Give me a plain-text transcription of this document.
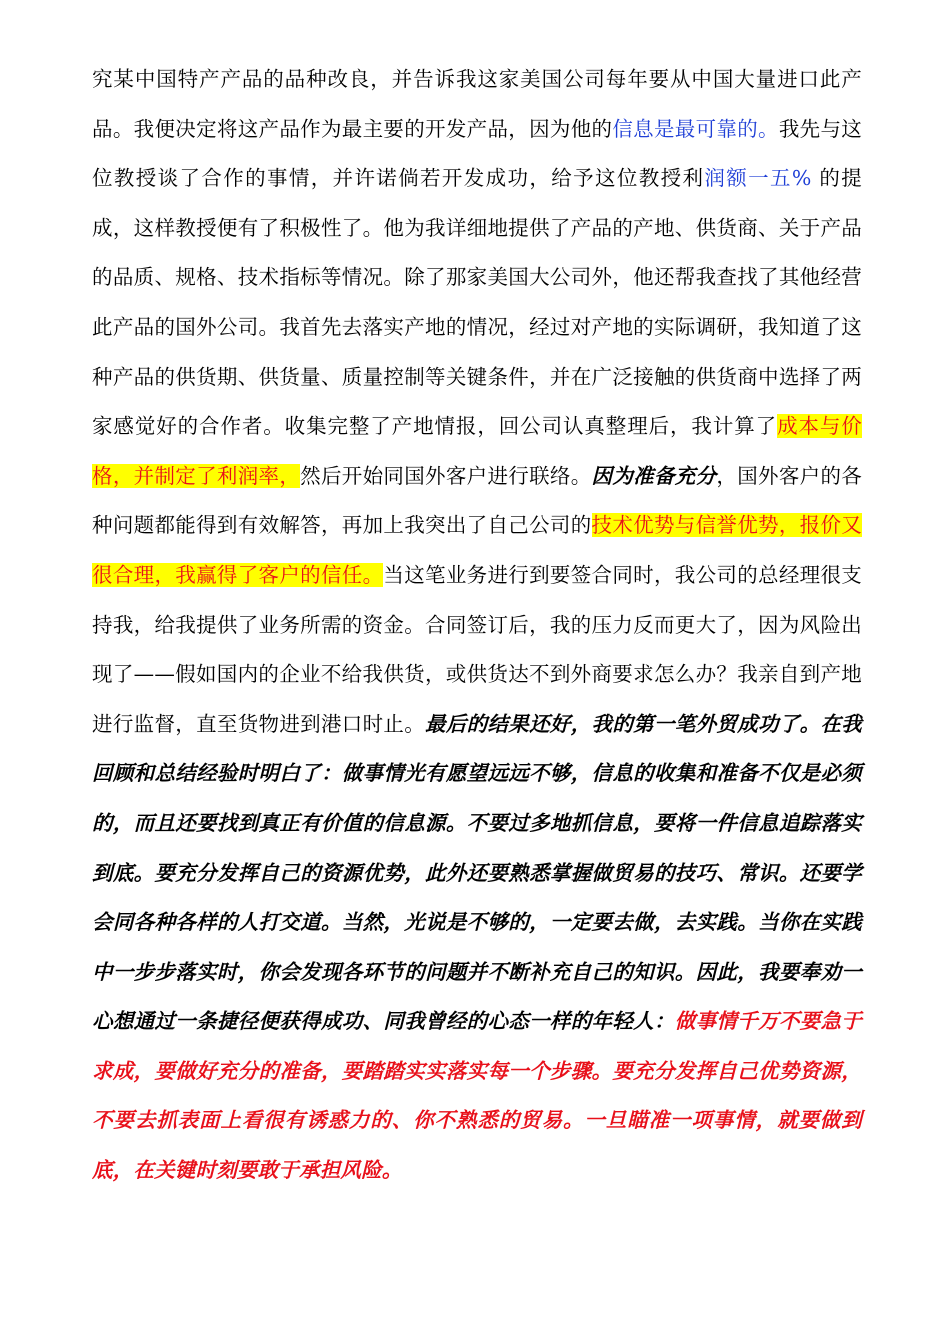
究某中国特产产品的品种改良，并告诉我这家美国公司每年要从中国大量进口此产品。我便决定将这产品作为最主要的开发产品，因为他的信息是最可靠的。我先与这位教授谈了合作的事情，并许诺倘若开发成功，给予这位教授利润额一五% 的提成，这样教授便有了积极性了。他为我详细地提供了产品的产地、供货商、关于产品的品质、规格、技术指标等情况。除了那家美国大公司外，他还帮我查找了其他经营此产品的国外公司。我首先去落实产地的情况，经过对产地的实际调研，我知道了这种产品的供货期、供货量、质量控制等关键条件，并在广泛接触的供货商中选择了两家感觉好的合作者。收集完整了产地情报，回公司认真整理后，我计算了成本与价格，并制定了利润率，然后开始同国外客户进行联络。因为准备充分，国外客户的各种问题都能得到有效解答，再加上我突出了自己公司的技术优势与信誉优势，报价又很合理，我赢得了客户的信任。当这笔业务进行到要签合同时，我公司的总经理很支持我，给我提供了业务所需的资金。合同签订后，我的压力反而更大了，因为风险出现了——假如国内的企业不给我供货，或供货达不到外商要求怎么办？我亲自到产地进行监督，直至货物进到港口时止。最后的结果还好，我的第一笔外贸成功了。在我回顾和总结经验时明白了：做事情光有愿望远远不够，信息的收集和准备不仅是必须的，而且还要找到真正有价值的信息源。不要过多地抓信息，要将一件信息追踪落实到底。要充分发挥自己的资源优势，此外还要熟悉掌握做贸易的技巧、常识。还要学会同各种各样的人打交道。当然，光说是不够的，一定要去做，去实践。当你在实践中一步步落实时，你会发现各环节的问题并不断补充自己的知识。因此，我要奉劝一心想通过一条捷径便获得成功、同我曾经的心态一样的年轻人：做事情千万不要急于求成，要做好充分的准备，要踏踏实实落实每一个步骤。要充分发挥自己优势资源，不要去抓表面上看很有诱惑力的、你不熟悉的贸易。一旦瞄准一项事情，就要做到底，在关键时刻要敢于承担风险。
